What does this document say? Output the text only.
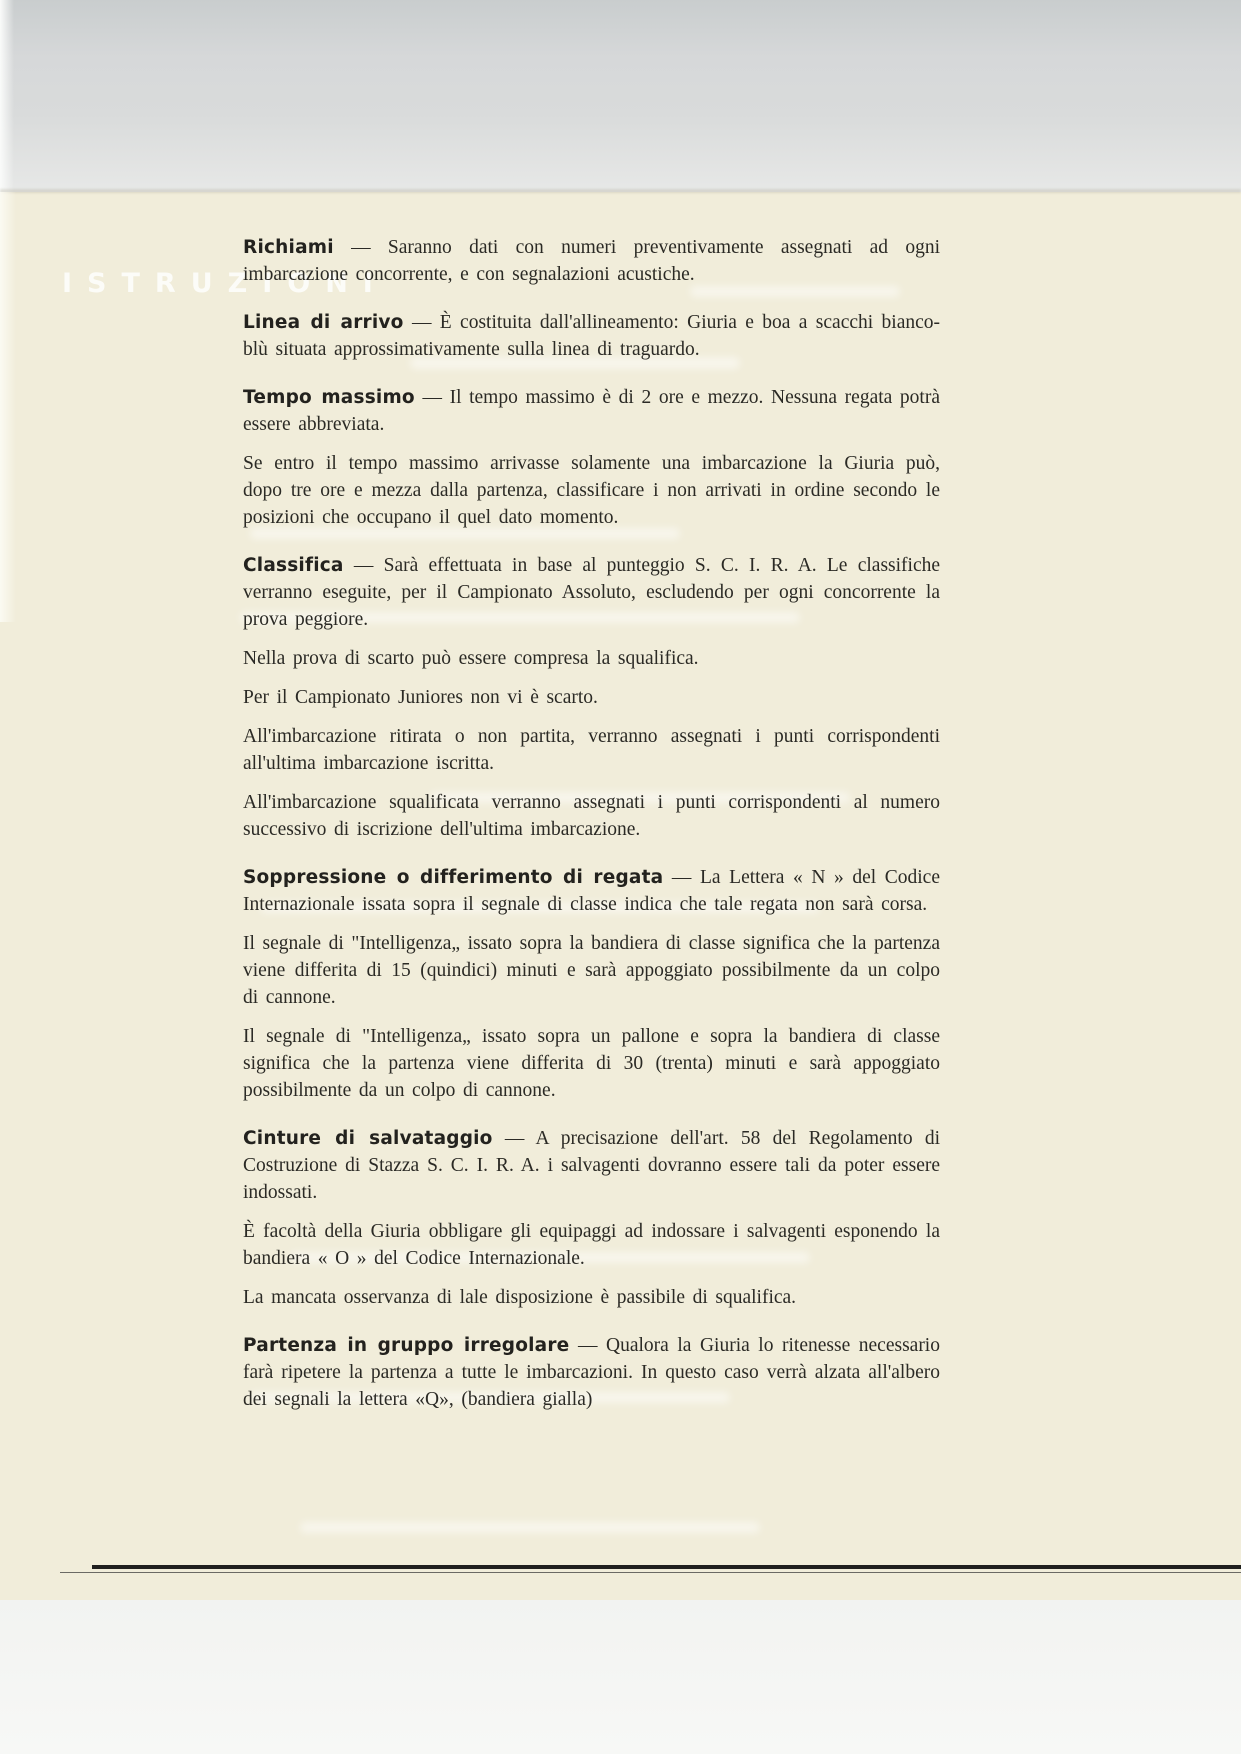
ISTRUZIONI

Richiami — Saranno dati con numeri preventivamente assegnati ad ogni imbarcazione concorrente, e con segnalazioni acustiche.

Linea di arrivo — È costituita dall'allineamento: Giuria e boa a scacchi bianco-blù situata approssimativamente sulla linea di traguardo.

Tempo massimo — Il tempo massimo è di 2 ore e mezzo. Nessuna regata potrà essere abbreviata.

Se entro il tempo massimo arrivasse solamente una imbarcazione la Giuria può, dopo tre ore e mezza dalla partenza, classificare i non arrivati in ordine secondo le posizioni che occupano il quel dato momento.

Classifica — Sarà effettuata in base al punteggio S. C. I. R. A. Le classifiche verranno eseguite, per il Campionato Assoluto, escludendo per ogni concorrente la prova peggiore.

Nella prova di scarto può essere compresa la squalifica.

Per il Campionato Juniores non vi è scarto.

All'imbarcazione ritirata o non partita, verranno assegnati i punti corrispondenti all'ultima imbarcazione iscritta.

All'imbarcazione squalificata verranno assegnati i punti corrispondenti al numero successivo di iscrizione dell'ultima imbarcazione.

Soppressione o differimento di regata — La Lettera « N » del Codice Internazionale issata sopra il segnale di classe indica che tale regata non sarà corsa.

Il segnale di "Intelligenza„ issato sopra la bandiera di classe significa che la partenza viene differita di 15 (quindici) minuti e sarà appoggiato possibilmente da un colpo di cannone.

Il segnale di "Intelligenza„ issato sopra un pallone e sopra la bandiera di classe significa che la partenza viene differita di 30 (trenta) minuti e sarà appoggiato possibilmente da un colpo di cannone.

Cinture di salvataggio — A precisazione dell'art. 58 del Regolamento di Costruzione di Stazza S. C. I. R. A. i salvagenti dovranno essere tali da poter essere indossati.

È facoltà della Giuria obbligare gli equipaggi ad indossare i salvagenti esponendo la bandiera « O » del Codice Internazionale.

La mancata osservanza di lale disposizione è passibile di squalifica.

Partenza in gruppo irregolare — Qualora la Giuria lo ritenesse necessario farà ripetere la partenza a tutte le imbarcazioni. In questo caso verrà alzata all'albero dei segnali la lettera «Q», (bandiera gialla)
